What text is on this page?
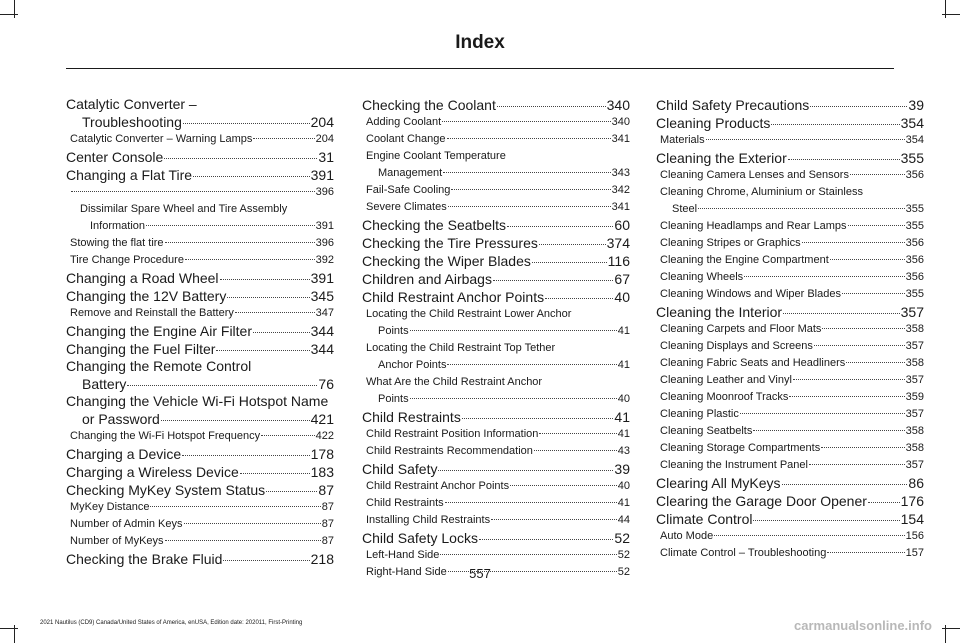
Index
Catalytic Converter –
Troubleshooting	204
Catalytic Converter – Warning Lamps	204
Center Console	31
Changing a Flat Tire	391
396
Dissimilar Spare Wheel and Tire Assembly
Information	391
Stowing the flat tire	396
Tire Change Procedure	392
Changing a Road Wheel	391
Changing the 12V Battery	345
Remove and Reinstall the Battery	347
Changing the Engine Air Filter	344
Changing the Fuel Filter	344
Changing the Remote Control
Battery	76
Changing the Vehicle Wi-Fi Hotspot Name
or Password	421
Changing the Wi-Fi Hotspot Frequency	422
Charging a Device	178
Charging a Wireless Device	183
Checking MyKey System Status	87
MyKey Distance	87
Number of Admin Keys	87
Number of MyKeys	87
Checking the Brake Fluid	218
Checking the Coolant	340
Adding Coolant	340
Coolant Change	341
Engine Coolant Temperature
Management	343
Fail-Safe Cooling	342
Severe Climates	341
Checking the Seatbelts	60
Checking the Tire Pressures	374
Checking the Wiper Blades	116
Children and Airbags	67
Child Restraint Anchor Points	40
Locating the Child Restraint Lower Anchor
Points	41
Locating the Child Restraint Top Tether
Anchor Points	41
What Are the Child Restraint Anchor
Points	40
Child Restraints	41
Child Restraint Position Information	41
Child Restraints Recommendation	43
Child Safety	39
Child Restraint Anchor Points	40
Child Restraints	41
Installing Child Restraints	44
Child Safety Locks	52
Left-Hand Side	52
Right-Hand Side	52
Child Safety Precautions	39
Cleaning Products	354
Materials	354
Cleaning the Exterior	355
Cleaning Camera Lenses and Sensors	356
Cleaning Chrome, Aluminium or Stainless
Steel	355
Cleaning Headlamps and Rear Lamps	355
Cleaning Stripes or Graphics	356
Cleaning the Engine Compartment	356
Cleaning Wheels	356
Cleaning Windows and Wiper Blades	355
Cleaning the Interior	357
Cleaning Carpets and Floor Mats	358
Cleaning Displays and Screens	357
Cleaning Fabric Seats and Headliners	358
Cleaning Leather and Vinyl	357
Cleaning Moonroof Tracks	359
Cleaning Plastic	357
Cleaning Seatbelts	358
Cleaning Storage Compartments	358
Cleaning the Instrument Panel	357
Clearing All MyKeys	86
Clearing the Garage Door Opener 176
Climate Control	154
Auto Mode	156
Climate Control – Troubleshooting	157
557
2021 Nautilus (CD9) Canada/United States of America, enUSA, Edition date: 202011, First-Printing	carmanualsonline.info
